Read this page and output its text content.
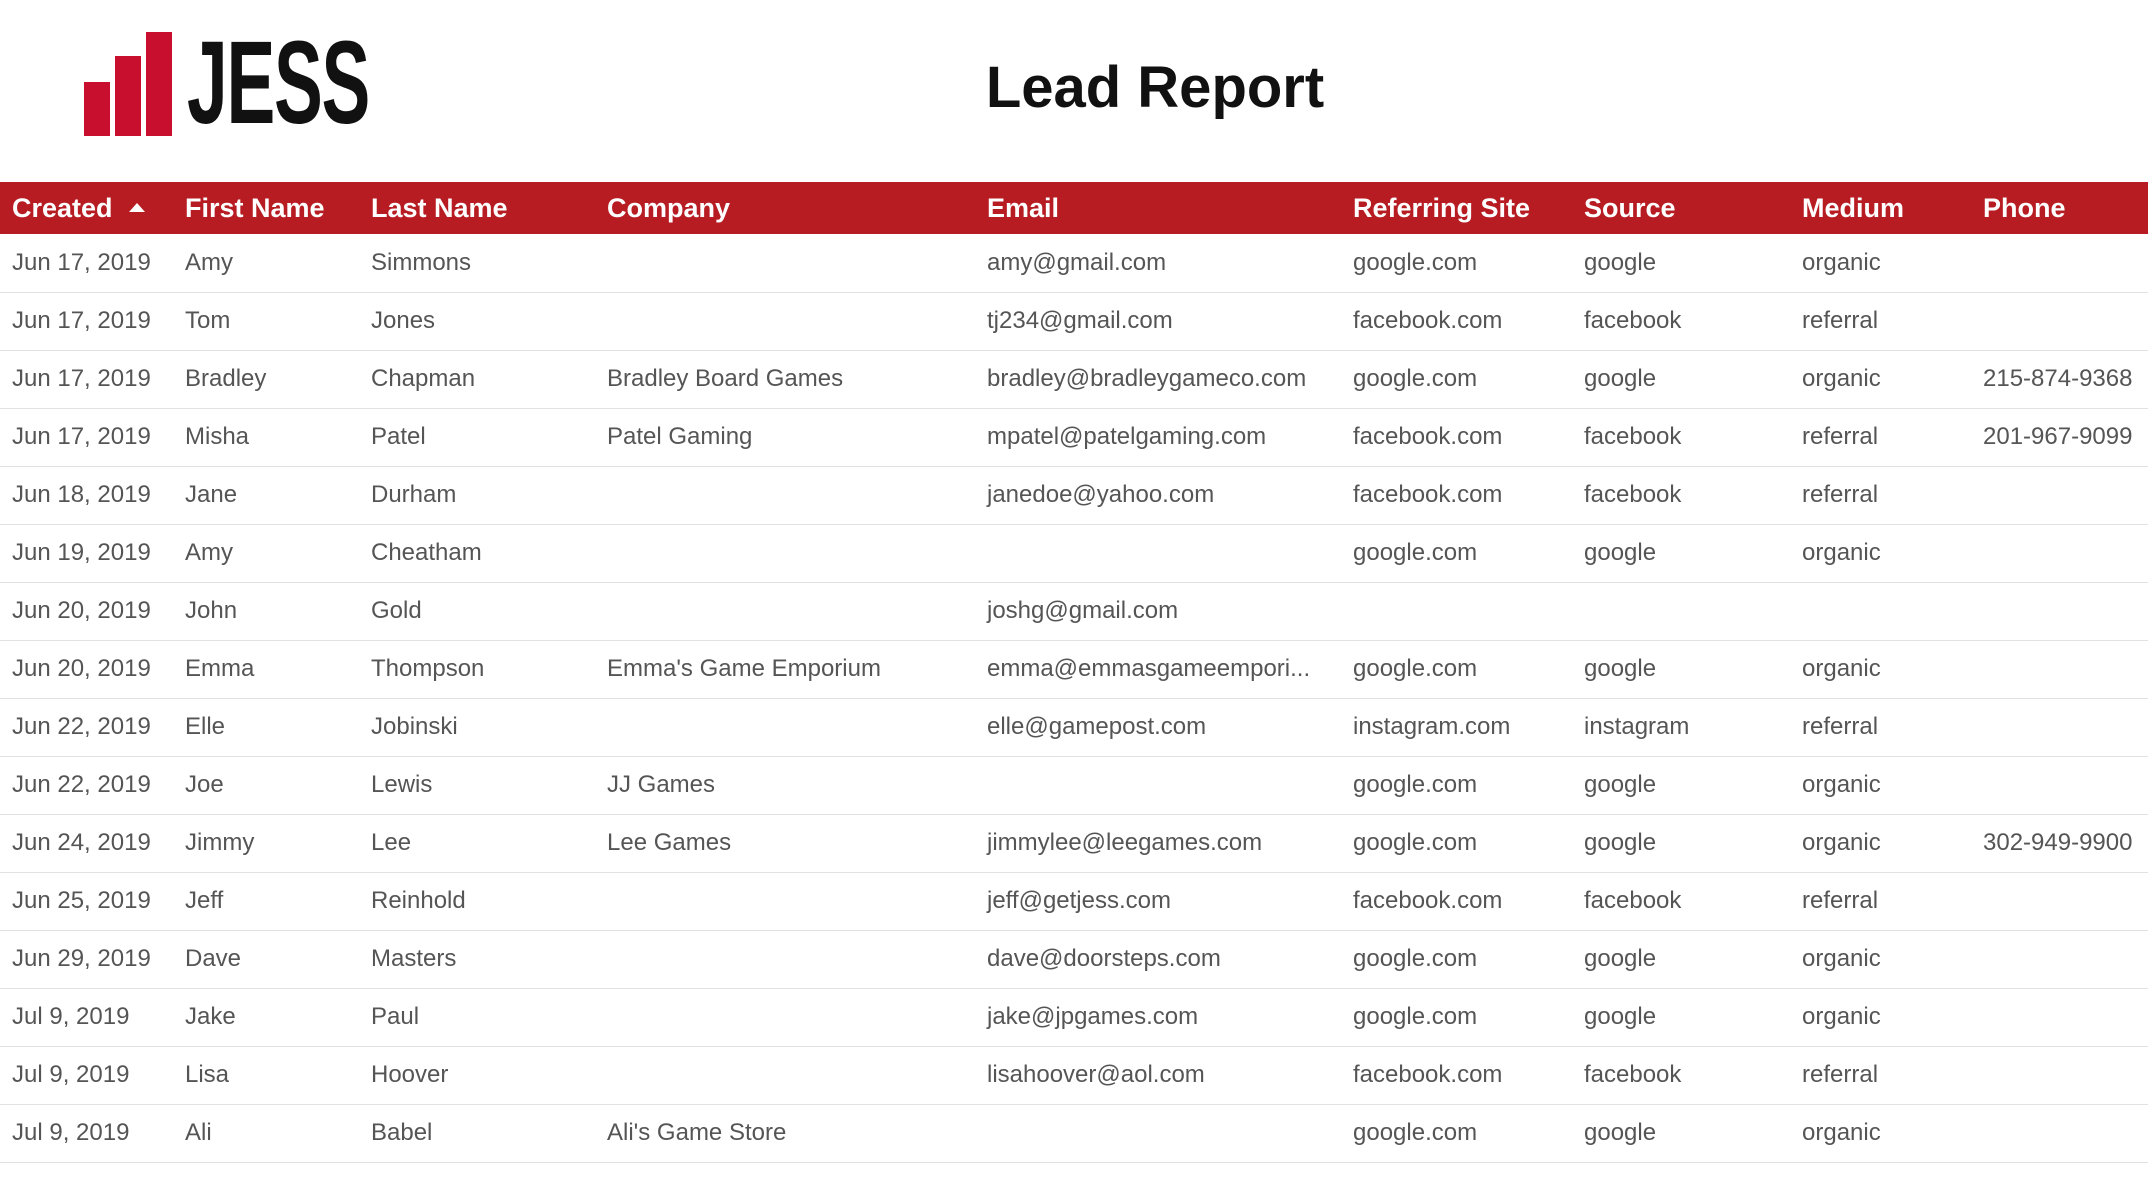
JESS	Lead Report
Created	First Name	Last Name	Company	Email	Referring Site	Source	Medium	Phone
Jun 17, 2019	Amy	Simmons		amy@gmail.com	google.com	google	organic	
Jun 17, 2019	Tom	Jones		tj234@gmail.com	facebook.com	facebook	referral	
Jun 17, 2019	Bradley	Chapman	Bradley Board Games	bradley@bradleygameco.com	google.com	google	organic	215-874-9368
Jun 17, 2019	Misha	Patel	Patel Gaming	mpatel@patelgaming.com	facebook.com	facebook	referral	201-967-9099
Jun 18, 2019	Jane	Durham		janedoe@yahoo.com	facebook.com	facebook	referral	
Jun 19, 2019	Amy	Cheatham			google.com	google	organic	
Jun 20, 2019	John	Gold		joshg@gmail.com				
Jun 20, 2019	Emma	Thompson	Emma's Game Emporium	emma@emmasgameempori...	google.com	google	organic	
Jun 22, 2019	Elle	Jobinski		elle@gamepost.com	instagram.com	instagram	referral	
Jun 22, 2019	Joe	Lewis	JJ Games		google.com	google	organic	
Jun 24, 2019	Jimmy	Lee	Lee Games	jimmylee@leegames.com	google.com	google	organic	302-949-9900
Jun 25, 2019	Jeff	Reinhold		jeff@getjess.com	facebook.com	facebook	referral	
Jun 29, 2019	Dave	Masters		dave@doorsteps.com	google.com	google	organic	
Jul 9, 2019	Jake	Paul		jake@jpgames.com	google.com	google	organic	
Jul 9, 2019	Lisa	Hoover		lisahoover@aol.com	facebook.com	facebook	referral	
Jul 9, 2019	Ali	Babel	Ali's Game Store		google.com	google	organic	
